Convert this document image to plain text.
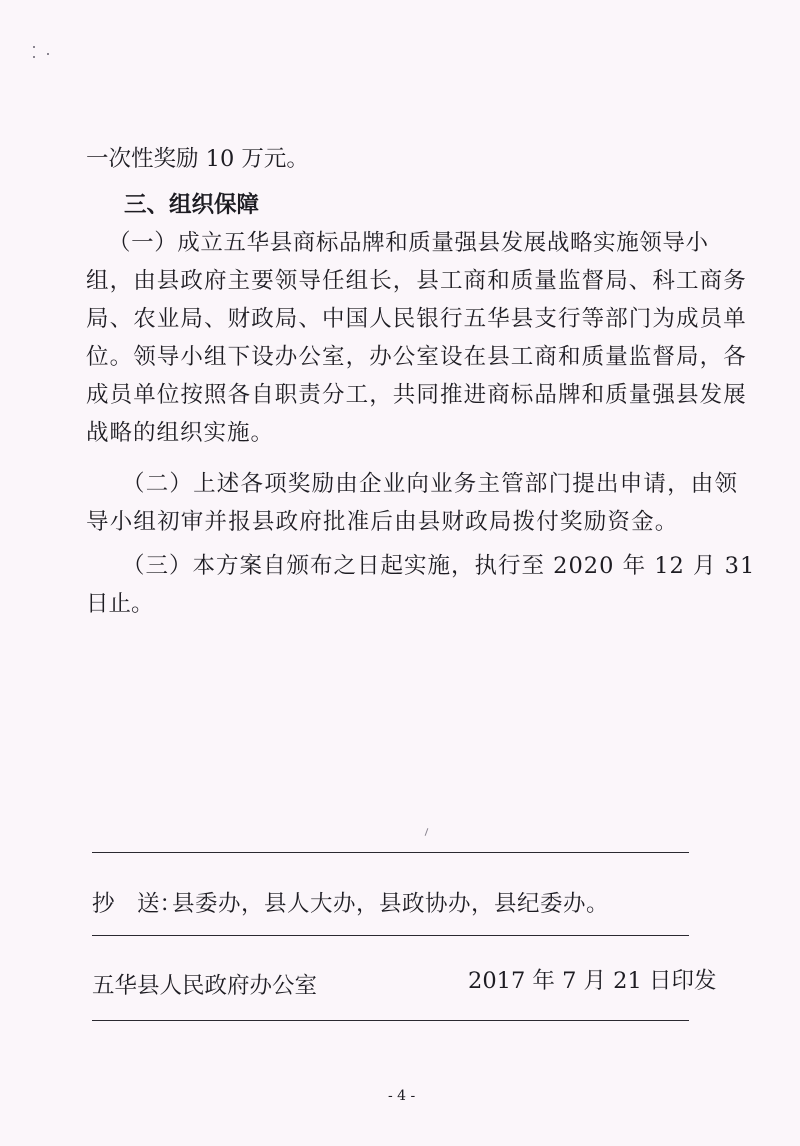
一次性奖励 10 万元。

三、组织保障

（一）成立五华县商标品牌和质量强县发展战略实施领导小

组，由县政府主要领导任组长，县工商和质量监督局、科工商务

局、农业局、财政局、中国人民银行五华县支行等部门为成员单

位。领导小组下设办公室，办公室设在县工商和质量监督局，各

成员单位按照各自职责分工，共同推进商标品牌和质量强县发展

战略的组织实施。

（二）上述各项奖励由企业向业务主管部门提出申请，由领

导小组初审并报县政府批准后由县财政局拨付奖励资金。

（三）本方案自颁布之日起实施，执行至 2020 年 12 月 31

日止。

抄　送：

县委办，县人大办，县政协办，县纪委办。

五华县人民政府办公室	2017 年 7 月 21 日印发

- 4 -
